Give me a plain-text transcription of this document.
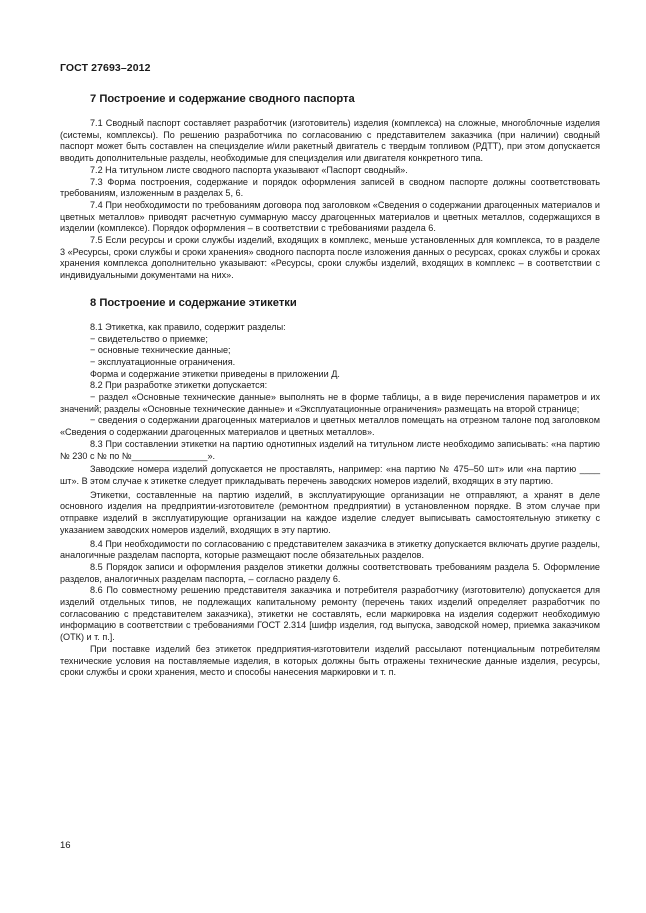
ГОСТ 27693–2012
7 Построение и содержание сводного паспорта

7.1 Сводный паспорт составляет разработчик (изготовитель) изделия (комплекса) на сложные, многоблочные изделия (системы, комплексы). По решению разработчика по согласованию с представителем заказчика (при наличии) сводный паспорт может быть составлен на специзделие и/или ракетный двигатель с твердым топливом (РДТТ), при этом допускается вводить дополнительные разделы, необходимые для специзделия или двигателя конкретного типа.

7.2 На титульном листе сводного паспорта указывают «Паспорт сводный».

7.3 Форма построения, содержание и порядок оформления записей в сводном паспорте должны соответствовать требованиям, изложенным в разделах 5, 6.

7.4 При необходимости по требованиям договора под заголовком «Сведения о содержании драгоценных материалов и цветных металлов» приводят расчетную суммарную массу драгоценных материалов и цветных металлов, содержащихся в изделии (комплексе). Порядок оформления – в соответствии с требованиями раздела 6.

7.5 Если ресурсы и сроки службы изделий, входящих в комплекс, меньше установленных для комплекса, то в разделе 3 «Ресурсы, сроки службы и сроки хранения» сводного паспорта после изложения данных о ресурсах, сроках службы и сроках хранения комплекса дополнительно указывают: «Ресурсы, сроки службы изделий, входящих в комплекс – в соответствии с индивидуальными документами на них».

8 Построение и содержание этикетки

8.1 Этикетка, как правило, содержит разделы:

− свидетельство о приемке;

− основные технические данные;

− эксплуатационные ограничения.

Форма и содержание этикетки приведены в приложении Д.

8.2 При разработке этикетки допускается:

− раздел «Основные технические данные» выполнять не в форме таблицы, а в виде перечисления параметров и их значений; разделы «Основные технические данные» и «Эксплуатационные ограничения» размещать на второй странице;

− сведения о содержании драгоценных материалов и цветных металлов помещать на отрезном талоне под заголовком «Сведения о содержании драгоценных материалов и цветных металлов».

8.3 При составлении этикетки на партию однотипных изделий на титульном листе необходимо записывать: «на партию № 230 с № по №_______________».

Заводские номера изделий допускается не проставлять, например: «на партию № 475–50 шт» или «на партию ____ шт». В этом случае к этикетке следует прикладывать перечень заводских номеров изделий, входящих в эту партию.

Этикетки, составленные на партию изделий, в эксплуатирующие организации не отправляют, а хранят в деле основного изделия на предприятии-изготовителе (ремонтном предприятии) в установленном порядке. В этом случае при отправке изделий в эксплуатирующие организации на каждое изделие следует выписывать самостоятельную этикетку с указанием заводских номеров изделий, входящих в эту партию.

8.4 При необходимости по согласованию с представителем заказчика в этикетку допускается включать другие разделы, аналогичные разделам паспорта, которые размещают после обязательных разделов.

8.5 Порядок записи и оформления разделов этикетки должны соответствовать требованиям раздела 5. Оформление разделов, аналогичных разделам паспорта, – согласно разделу 6.

8.6 По совместному решению представителя заказчика и потребителя разработчику (изготовителю) допускается для изделий отдельных типов, не подлежащих капитальному ремонту (перечень таких изделий определяет разработчик по согласованию с представителем заказчика), этикетки не составлять, если маркировка на изделия содержит необходимую информацию в соответствии с требованиями ГОСТ 2.314 [шифр изделия, год выпуска, заводской номер, приемка заказчиком (ОТК) и т. п.].

При поставке изделий без этикеток предприятия-изготовители изделий рассылают потенциальным потребителям технические условия на поставляемые изделия, в которых должны быть отражены технические данные изделия, ресурсы, сроки службы и сроки хранения, место и способы нанесения маркировки и т. п.

16
